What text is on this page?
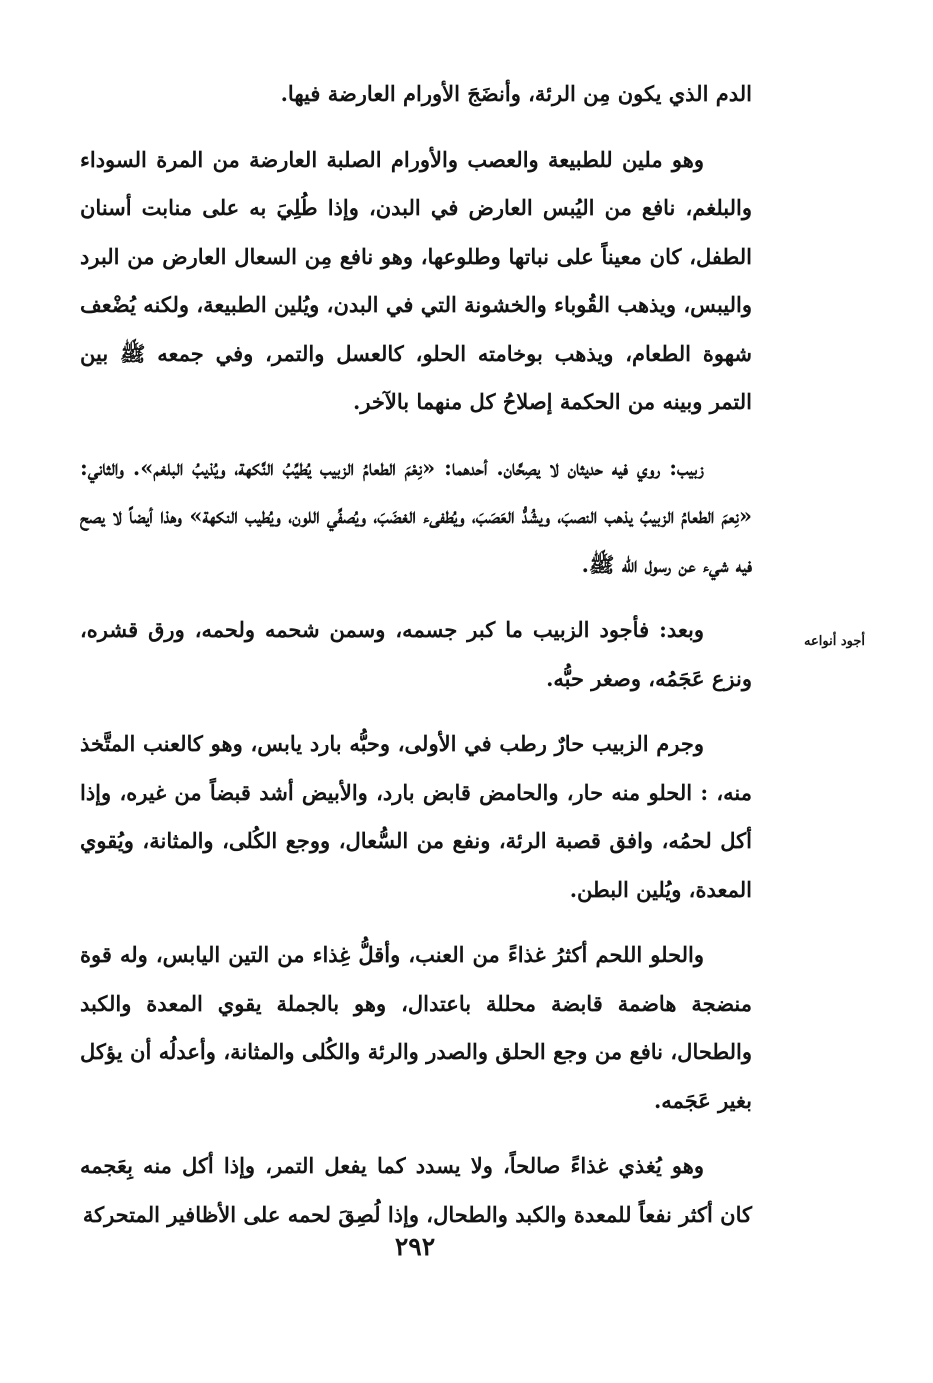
الدم الذي يكون مِن الرئة، وأنضَجَ الأورام العارضة فيها.

وهو ملين للطبيعة والعصب والأورام الصلبة العارضة من المرة السوداء والبلغم، نافع من اليُبس العارض في البدن، وإذا طُلِيَ به على منابت أسنان الطفل، كان معيناً على نباتها وطلوعها، وهو نافع مِن السعال العارض من البرد واليبس، ويذهب القُوباء والخشونة التي في البدن، ويُلين الطبيعة، ولكنه يُضْعف شهوة الطعام، ويذهب بوخامته الحلو، كالعسل والتمر، وفي جمعه ﷺ بين التمر وبينه من الحكمة إصلاحُ كل منهما بالآخر.

زبيب: روي فيه حديثان لا يصِحَّان. أحدهما: «نِعْمَ الطعامُ الزبيب يُطيِّبُ النَّكهة، ويُذيبُ البلغم». والثاني: «نِعمَ الطعامُ الزبيبُ يذهب النصبَ، ويشُدُّ العَصَبَ، ويُطفىء الغضَبَ، ويُصفِّي اللون، ويُطيب النكهة» وهذا أيضاً لا يصح فيه شيء عن رسول الله ﷺ.

وبعد: فأجود الزبيب ما كبر جسمه، وسمن شحمه ولحمه، ورق قشره، ونزع عَجَمُه، وصغر حبُّه.

وجرم الزبيب حارٌ رطب في الأولى، وحبُّه بارد يابس، وهو كالعنب المتَّخذ منه، : الحلو منه حار، والحامض قابض بارد، والأبيض أشد قبضاً من غيره، وإذا أكل لحمُه، وافق قصبة الرئة، ونفع من السُّعال، ووجع الكُلى، والمثانة، ويُقوي المعدة، ويُلين البطن.

والحلو اللحم أكثرُ غذاءً من العنب، وأقلُّ غِذاء من التين اليابس، وله قوة منضجة هاضمة قابضة محللة باعتدال، وهو بالجملة يقوي المعدة والكبد والطحال، نافع من وجع الحلق والصدر والرئة والكُلى والمثانة، وأعدلُه أن يؤكل بغير عَجَمه.

وهو يُغذي غذاءً صالحاً، ولا يسدد كما يفعل التمر، وإذا أكل منه بِعَجمه كان أكثر نفعاً للمعدة والكبد والطحال، وإذا لُصِقَ لحمه على الأظافير المتحركة

أجود أنواعه
٢٩٢
